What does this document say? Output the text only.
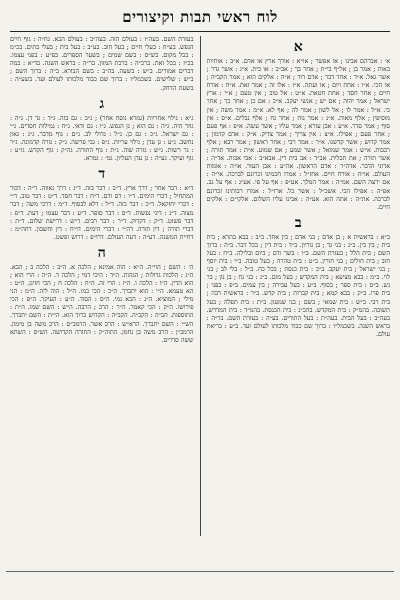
לוח ראשי תבות וקיצורים
א

א׳ : אברהם אבינו ; או אפשר ; או״א : אורך ארץ או אדם. א״ב : אותיות באות ; אמר בן ; אל״ף בי״ת ; אחר בך ; אב״ב : או בית. א״ג : אשר גדר ; אשר גאל. א״ד : אחד דבר ; אדם דוד ; א״ה : אלקים הוא ; אמר הקב״ה ; או הכי. א״ו : אחת ויום ; או ועתה. א״ז : אלו זה ; אמר זאת. א״ח : אורח חיים ; אחר חסד ; אחת חטאת. א״ט : אל טוב ; אין טעם ; א״י : ארץ ישראל ; אמר יהוה ; אם יש ; אנשי יעקב. א״כ : אם כן ; אחר כך ; אחר כי. א״ל : אמר לו ; אל לשון ; אמר לה ; אף לא. א״מ : אמר משה ; אין מוסיפין ; אלף מאות. א״נ : אמר נוח ; אחר נח ; אלף נבלים. א״ס : אין סוף ; אמר סדר. א״ע : אבן עזרא ; אמר עליו ; אשר עשה. א״פ : אף פעם ; אחר פעם ; אפילו. א״צ : אין צריך ; אמר צדיק. א״ק : אדם קדמון ; אמר קדוש ; אשר קדשנו. א״ר : אמר רבי ; אחר ראשון ; אמר רבא ; אלף רבבות. א״ש : אמר שמואל ; אשר שמע ; אם שמוע. א״ת : אמר תורה ; אשר תורה ; את תכלית. אב״ד : אב בית דין. אבא״ב : אבי אבות. אד״ה : אדוני הדבר. אדה״ר : אדם הראשון. אה״ע : אבן העזר. או״ה : אומות העולם. או״ח : אורח חיים. אחז״ל : אמרו חכמינו זכרונם לברכה. אי״ה : אם ירצה השם. אמ״ה : אמר המלך. אע״פ : אף על פי. אע״ג : אף על גב. אפ״ה : אפילו הכי. אשכ״ל : אשר כל. ארז״ל : אמרו רבותינו זכרונם לברכה. את״ה : אתה הוא. אע״ה : אבינו עליו השלום. אלקי״ם : אלקים חיים.

ב

ב״א : בראשית א ; בן אדם ; בני אדם ; בין אחד. ב״ב : בבא בתרא ; בית בית ; בין בין. ב״ג : בני גד ; בן גוריון. ב״ד : בית דין ; בכל דבר. ב״ה : ברוך השם ; בית הלל ; בעזרת השם. ב״ו : בשר ודם ; ביום ובלילה. ב״ח : בעל חוב ; בית חולים ; בני חורין. ב״ט : בית טהרה ; בעל טובה. ב״י : בית יוסף ; בני ישראל ; בית יעקב. ב״כ : בית כנסת ; בכל כח. ב״ל : בלי לב ; בני לוי. ב״מ : בבא מציעא ; בית המקדש ; בעל מום. ב״נ : בני נח ; בן נון ; בר נש. ב״ס : בית ספר ; בסוף. ב״ע : בעל עבירה ; בין עמים. ב״פ : בפני ; בית פרו. ב״ק : בבא קמא ; בית קברות ; בית קדש. ב״ר : בראשית רבה ; בית רבי. ב״ש : בית שמאי ; בשם ; בני שמעון. ב״ת : בית תפלה ; בעל תשובה. בהמ״ק : בית המקדש. בהכ״נ : בית הכנסת. בהמ״ד : בית המדרש. בעה״ב : בעל הבית. בעה״ת : בעל התורים. בע״ה : בעזרת השם. בר״ה : בראש השנה. בשכמל״ו : ברוך שם כבוד מלכותו לעולם ועד. ב״ע : בריאת עולם.

בעזרת השם. בעה״ז : בעולם הזה. בעה״ב : בעולם הבא. גח״ה : גוף חיים הנפש. בע״ח : בעלי חיים ; בעל חוב. בע״ב : בעל בית ; בעלי בתים. בכ״מ : בכל מקום. בש״ס : בשם שמים ; בשער הספרים. בפ״ע : בפני עצמו. בכ״ז : בכל זאת. ברכ״ה : ברכת המזון. בר״ה : בראש השנה. בד״א : במה דברים אמורים. ב״ש : בשעה. בה״ב : בשם הבורא. ב״ה : ברוך השם ; ב״ש : שלישים. בשכמל״ו : ברוך שם כבוד מלכותו לעולם ועד. בשע״ה : בשעת הדחק.

ג

ג״א : גילוי אחריות (גמרא נוסח אחר) ; ג״ב : גם בזה. ג״ד : גד דן. ג״ה : גוזר היה. ג״ה : גם הוא ; גן הנפש. ג״ו : גם ודאי. ג״ח : גמילות חסדים. ג״י : גם ישראל. ג״כ : גם כן. ג״ל : גדולי לב. ג״ם : גוף מדבר. ג״נ : גאון נחשב. ג״ע : גן עדן ; גילוי עריות. ג״פ : גבי פרשה. ג״ק : גזרה קדמונה. ג״ר : גר רשות. ג״ש : גזרה שוה. ג״ת : גוף התורה. גה״ק : גוף הקדש. גו״ע : גוף ועיקר. גע״ה : גן עדן העליון. גמ׳ : גמרא.

ד

ד״א : דבר אחר ; דרך ארץ. ד״ב : דבר בזה. ד״ג : דרך גאווה. ד״ה : דבור המתחיל ; דברי הימים. ד״ו : דם ודם. ד״ח : דבר חסד. ד״ט : דבר טוב. ד״י : דברי יחזקאל. ד״כ : דבר כזה. ד״ל : דלא לבסוף. ד״מ : דרכי משה ; דבר מצוה. ד״נ : דיני נפשות. ד״ס : דבר סופר. ד״ע : דבר עצמו ; דעת. ד״פ : דבר פשוט. ד״ק : דקדוק. ד״ר : דבר רבים. ד״ש : דרישת שלום. ד״ת : דברי תורה ; דין תורה. דה״י : דברי הימים. דו״ח : דין וחשבון. דחה״מ : דחיית המשנה. דע״ה : דעה העולם. דרו״פ : דרוש ופשט.

ה

ה׳ : השם ; הוי״ה. ה״א : הוה אמינא ; הלכה א. ה״ב : הלכה ב ; הבא. ה״ג : הלכות גדולות ; הגהות. ה״ד : היכי דמי ; הלכה ד. ה״ה : הרי הוא ; הוא הדין. ה״ו : הלכה ו. ה״ז : הרי זה. ה״ח : הלכה ח ; הכי חזינן. ה״ט : הא טעמא. ה״י : הוא יתברך. ה״כ : הכי כמו. ה״ל : הוה ליה. ה״מ : הני מילי ; המוציא. ה״נ : הכא נמי. ה״ס : הסוד. ה״ע : העיקר. ה״פ : הכי פירושו. ה״ק : הכי קאמר. ה״ר : הרב ; הרבה. ה״ש : השם שמו. ה״ת : התוספות. הב״ה : הקב״ה. הקב״ה : הקדוש ברוך הוא. הי״ת : השם יתברך. הש״י : השם יתברך. הרא״ש : הרב אשר. הרמב״ם : הרב משה בן מימון. הרמב״ן : הרב משה בן נחמן. התוה״ק : התורה הקדושה. הש״ס : השתא ששה סדרים.
